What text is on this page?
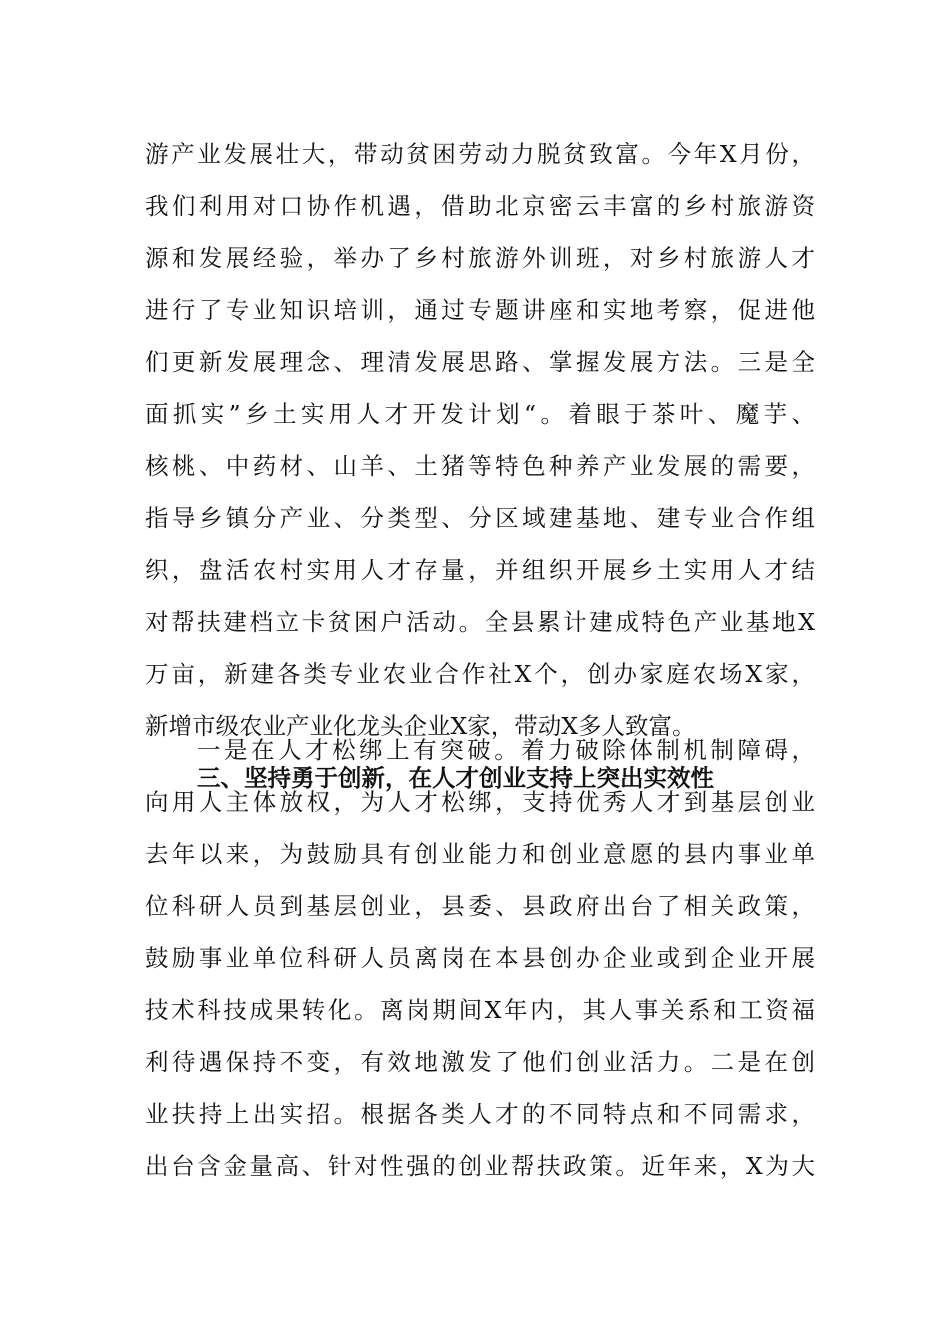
游产业发展壮大，带动贫困劳动力脱贫致富。今年X月份，
我们利用对口协作机遇，借助北京密云丰富的乡村旅游资
源和发展经验，举办了乡村旅游外训班，对乡村旅游人才
进行了专业知识培训，通过专题讲座和实地考察，促进他
们更新发展理念、理清发展思路、掌握发展方法。三是全
面抓实”乡土实用人才开发计划“。着眼于茶叶、魔芋、
核桃、中药材、山羊、土猪等特色种养产业发展的需要，
指导乡镇分产业、分类型、分区域建基地、建专业合作组
织，盘活农村实用人才存量，并组织开展乡土实用人才结
对帮扶建档立卡贫困户活动。全县累计建成特色产业基地X
万亩，新建各类专业农业合作社X个，创办家庭农场X家，
新增市级农业产业化龙头企业X家，带动X多人致富。
三、坚持勇于创新，在人才创业支持上突出实效性
一是在人才松绑上有突破。着力破除体制机制障碍，
向用人主体放权，为人才松绑，支持优秀人才到基层创业
去年以来，为鼓励具有创业能力和创业意愿的县内事业单
位科研人员到基层创业，县委、县政府出台了相关政策，
鼓励事业单位科研人员离岗在本县创办企业或到企业开展
技术科技成果转化。离岗期间X年内，其人事关系和工资福
利待遇保持不变，有效地激发了他们创业活力。二是在创
业扶持上出实招。根据各类人才的不同特点和不同需求，
出台含金量高、针对性强的创业帮扶政策。近年来，X为大
